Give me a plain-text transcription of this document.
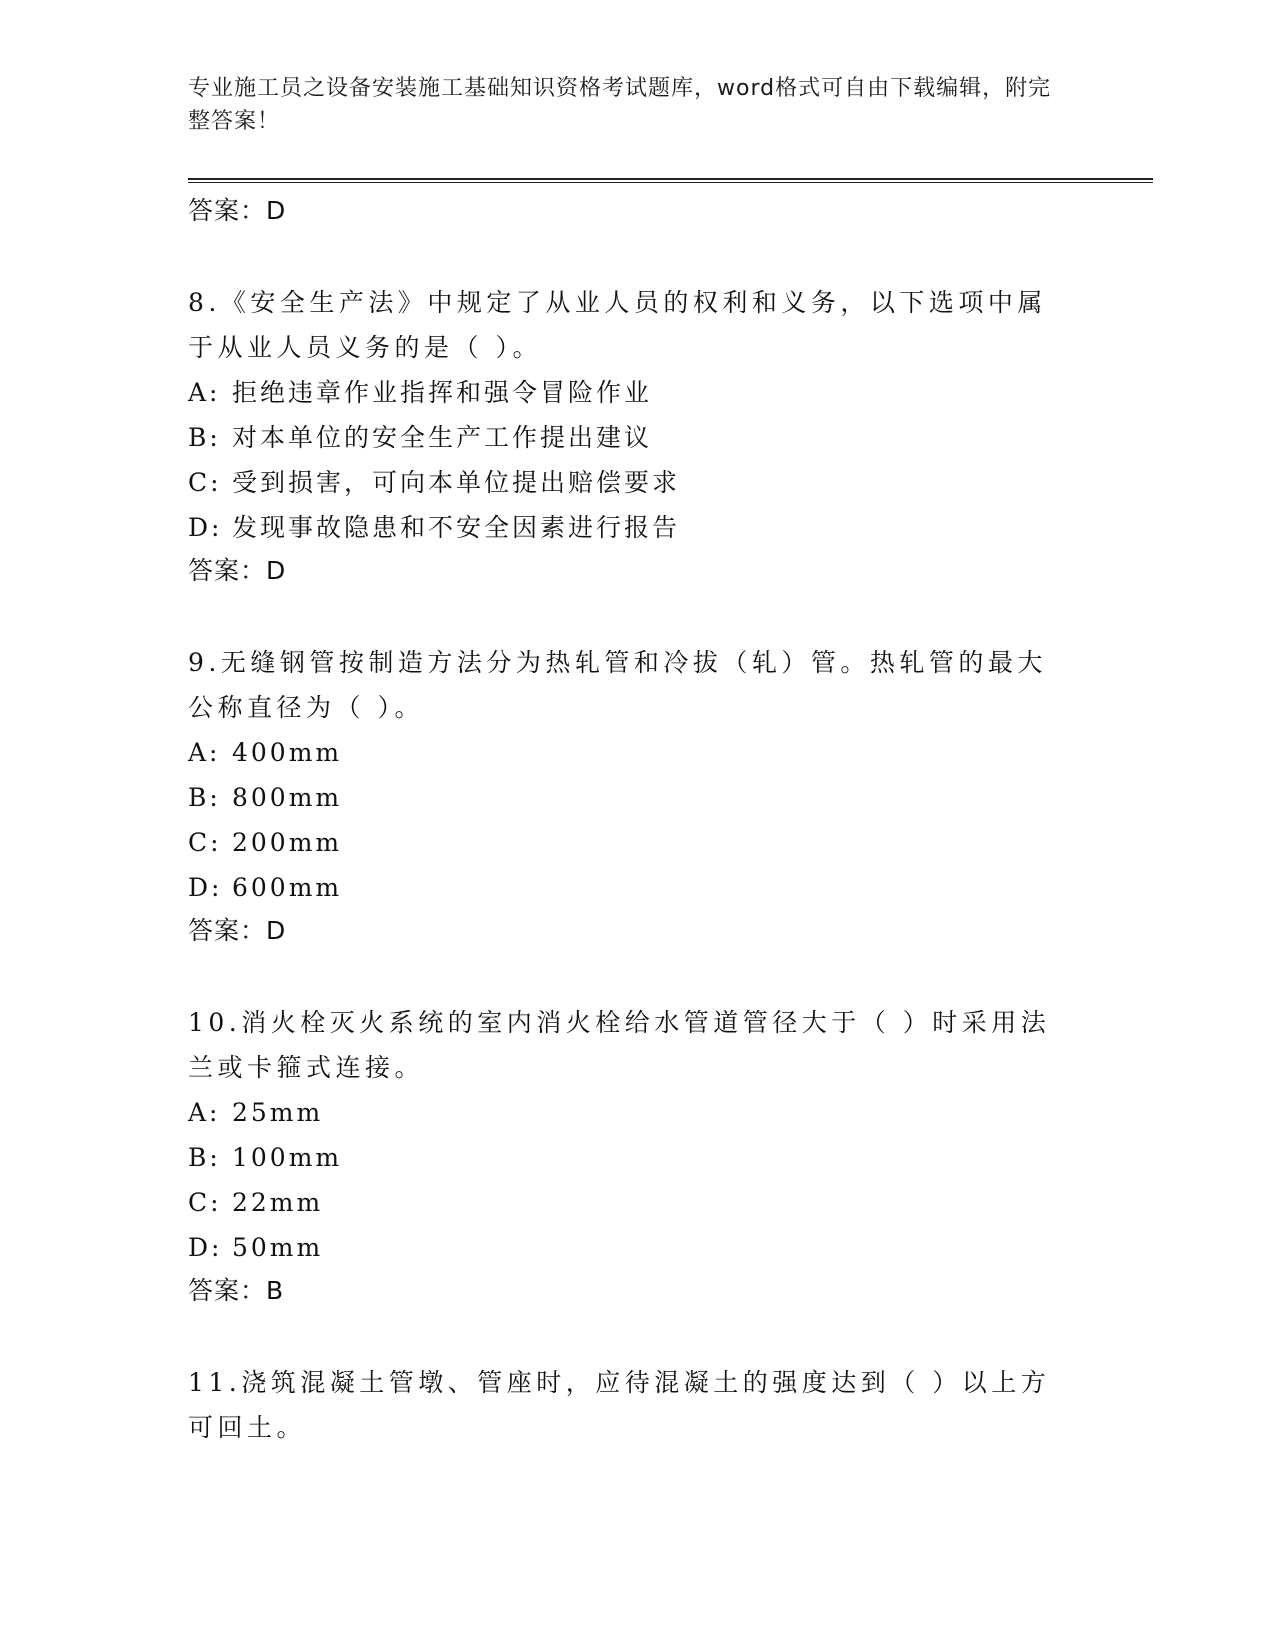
专业施工员之设备安装施工基础知识资格考试题库，word格式可自由下载编辑，附完整答案！

答案：D

8.《安全生产法》中规定了从业人员的权利和义务，以下选项中属于从业人员义务的是（ ）。

A: 拒绝违章作业指挥和强令冒险作业

B: 对本单位的安全生产工作提出建议

C: 受到损害，可向本单位提出赔偿要求

D: 发现事故隐患和不安全因素进行报告

答案：D

9.无缝钢管按制造方法分为热轧管和冷拔（轧）管。热轧管的最大公称直径为（ ）。

A: 400mm

B: 800mm

C: 200mm

D: 600mm

答案：D

10.消火栓灭火系统的室内消火栓给水管道管径大于（ ）时采用法兰或卡箍式连接。

A: 25mm

B: 100mm

C: 22mm

D: 50mm

答案：B

11.浇筑混凝土管墩、管座时，应待混凝土的强度达到（ ）以上方可回土。
